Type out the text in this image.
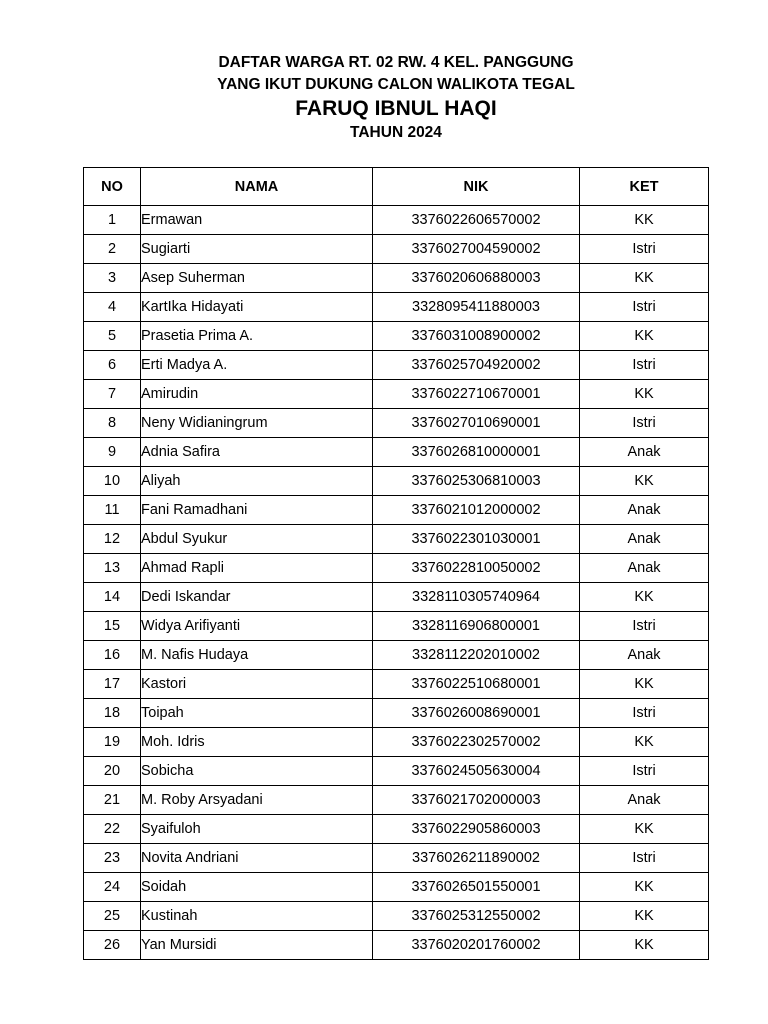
DAFTAR WARGA RT. 02 RW. 4 KEL. PANGGUNG

YANG IKUT DUKUNG CALON WALIKOTA TEGAL

FARUQ IBNUL HAQI

TAHUN 2024

NO	NAMA	NIK	KET
1	Ermawan	3376022606570002	KK
2	Sugiarti	3376027004590002	Istri
3	Asep Suherman	3376020606880003	KK
4	KartIka Hidayati	3328095411880003	Istri
5	Prasetia Prima A.	3376031008900002	KK
6	Erti Madya A.	3376025704920002	Istri
7	Amirudin	3376022710670001	KK
8	Neny Widianingrum	3376027010690001	Istri
9	Adnia Safira	3376026810000001	Anak
10	Aliyah	3376025306810003	KK
11	Fani Ramadhani	3376021012000002	Anak
12	Abdul Syukur	3376022301030001	Anak
13	Ahmad Rapli	3376022810050002	Anak
14	Dedi Iskandar	3328110305740964	KK
15	Widya Arifiyanti	3328116906800001	Istri
16	M. Nafis Hudaya	3328112202010002	Anak
17	Kastori	3376022510680001	KK
18	Toipah	3376026008690001	Istri
19	Moh. Idris	3376022302570002	KK
20	Sobicha	3376024505630004	Istri
21	M. Roby Arsyadani	3376021702000003	Anak
22	Syaifuloh	3376022905860003	KK
23	Novita Andriani	3376026211890002	Istri
24	Soidah	3376026501550001	KK
25	Kustinah	3376025312550002	KK
26	Yan Mursidi	3376020201760002	KK
